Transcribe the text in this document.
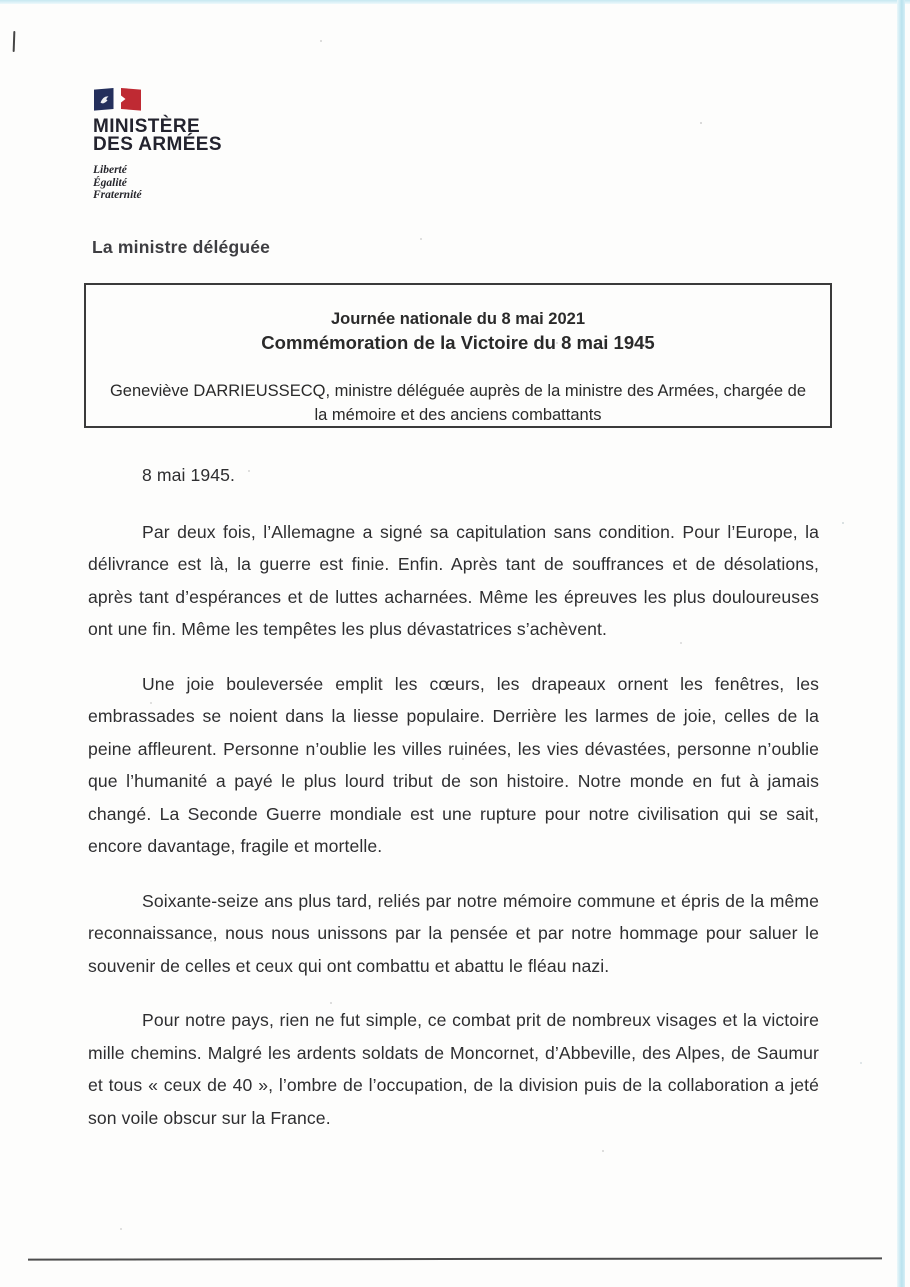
MINISTÈRE
DES ARMÉES
Liberté
Égalité
Fraternité
La ministre déléguée
Journée nationale du 8 mai 2021
Commémoration de la Victoire du 8 mai 1945
Geneviève DARRIEUSSECQ, ministre déléguée auprès de la ministre des Armées, chargée de la mémoire et des anciens combattants

8 mai 1945.

Par deux fois, l’Allemagne a signé sa capitulation sans condition. Pour l’Europe, la délivrance est là, la guerre est finie. Enfin. Après tant de souffrances et de désolations, après tant d’espérances et de luttes acharnées. Même les épreuves les plus douloureuses ont une fin. Même les tempêtes les plus dévastatrices s’achèvent.

Une joie bouleversée emplit les cœurs, les drapeaux ornent les fenêtres, les embrassades se noient dans la liesse populaire. Derrière les larmes de joie, celles de la peine affleurent. Personne n’oublie les villes ruinées, les vies dévastées, personne n’oublie que l’humanité a payé le plus lourd tribut de son histoire. Notre monde en fut à jamais changé. La Seconde Guerre mondiale est une rupture pour notre civilisation qui se sait, encore davantage, fragile et mortelle.

Soixante-seize ans plus tard, reliés par notre mémoire commune et épris de la même reconnaissance, nous nous unissons par la pensée et par notre hommage pour saluer le souvenir de celles et ceux qui ont combattu et abattu le fléau nazi.

Pour notre pays, rien ne fut simple, ce combat prit de nombreux visages et la victoire mille chemins. Malgré les ardents soldats de Moncornet, d’Abbeville, des Alpes, de Saumur et tous « ceux de 40 », l’ombre de l’occupation, de la division puis de la collaboration a jeté son voile obscur sur la France.
